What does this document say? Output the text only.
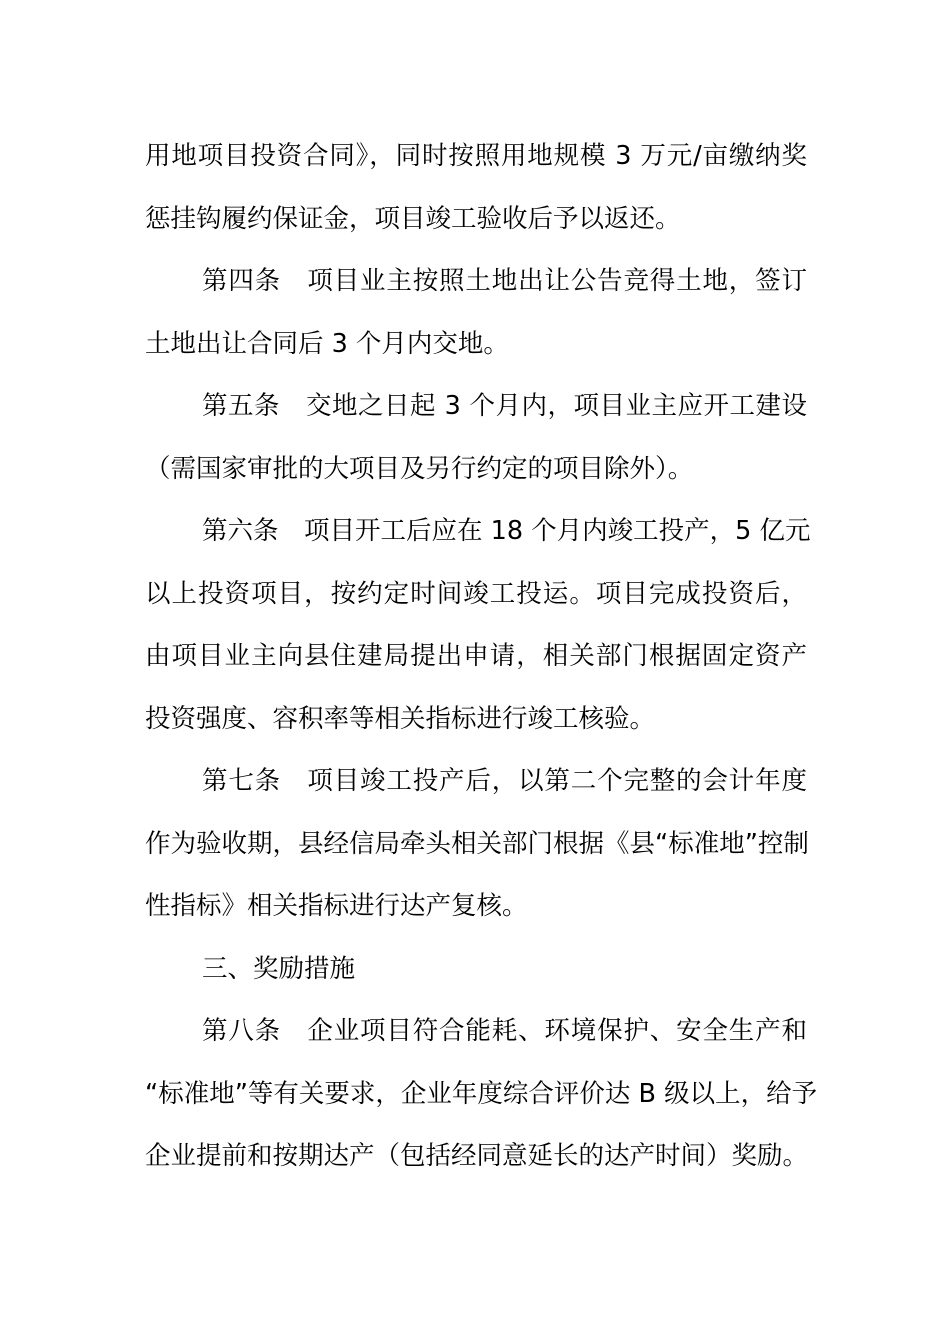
用地项目投资合同》，同时按照用地规模 3 万元/亩缴纳奖
惩挂钩履约保证金，项目竣工验收后予以返还。
第四条　项目业主按照土地出让公告竞得土地，签订
土地出让合同后 3 个月内交地。
第五条　交地之日起 3 个月内，项目业主应开工建设
（需国家审批的大项目及另行约定的项目除外）。
第六条　项目开工后应在 18 个月内竣工投产，5 亿元
以上投资项目，按约定时间竣工投运。项目完成投资后，
由项目业主向县住建局提出申请，相关部门根据固定资产
投资强度、容积率等相关指标进行竣工核验。
第七条　项目竣工投产后，以第二个完整的会计年度
作为验收期，县经信局牵头相关部门根据《县“标准地”控制
性指标》相关指标进行达产复核。
三、奖励措施
第八条　企业项目符合能耗、环境保护、安全生产和
“标准地”等有关要求，企业年度综合评价达 B 级以上，给予
企业提前和按期达产（包括经同意延长的达产时间）奖励。
